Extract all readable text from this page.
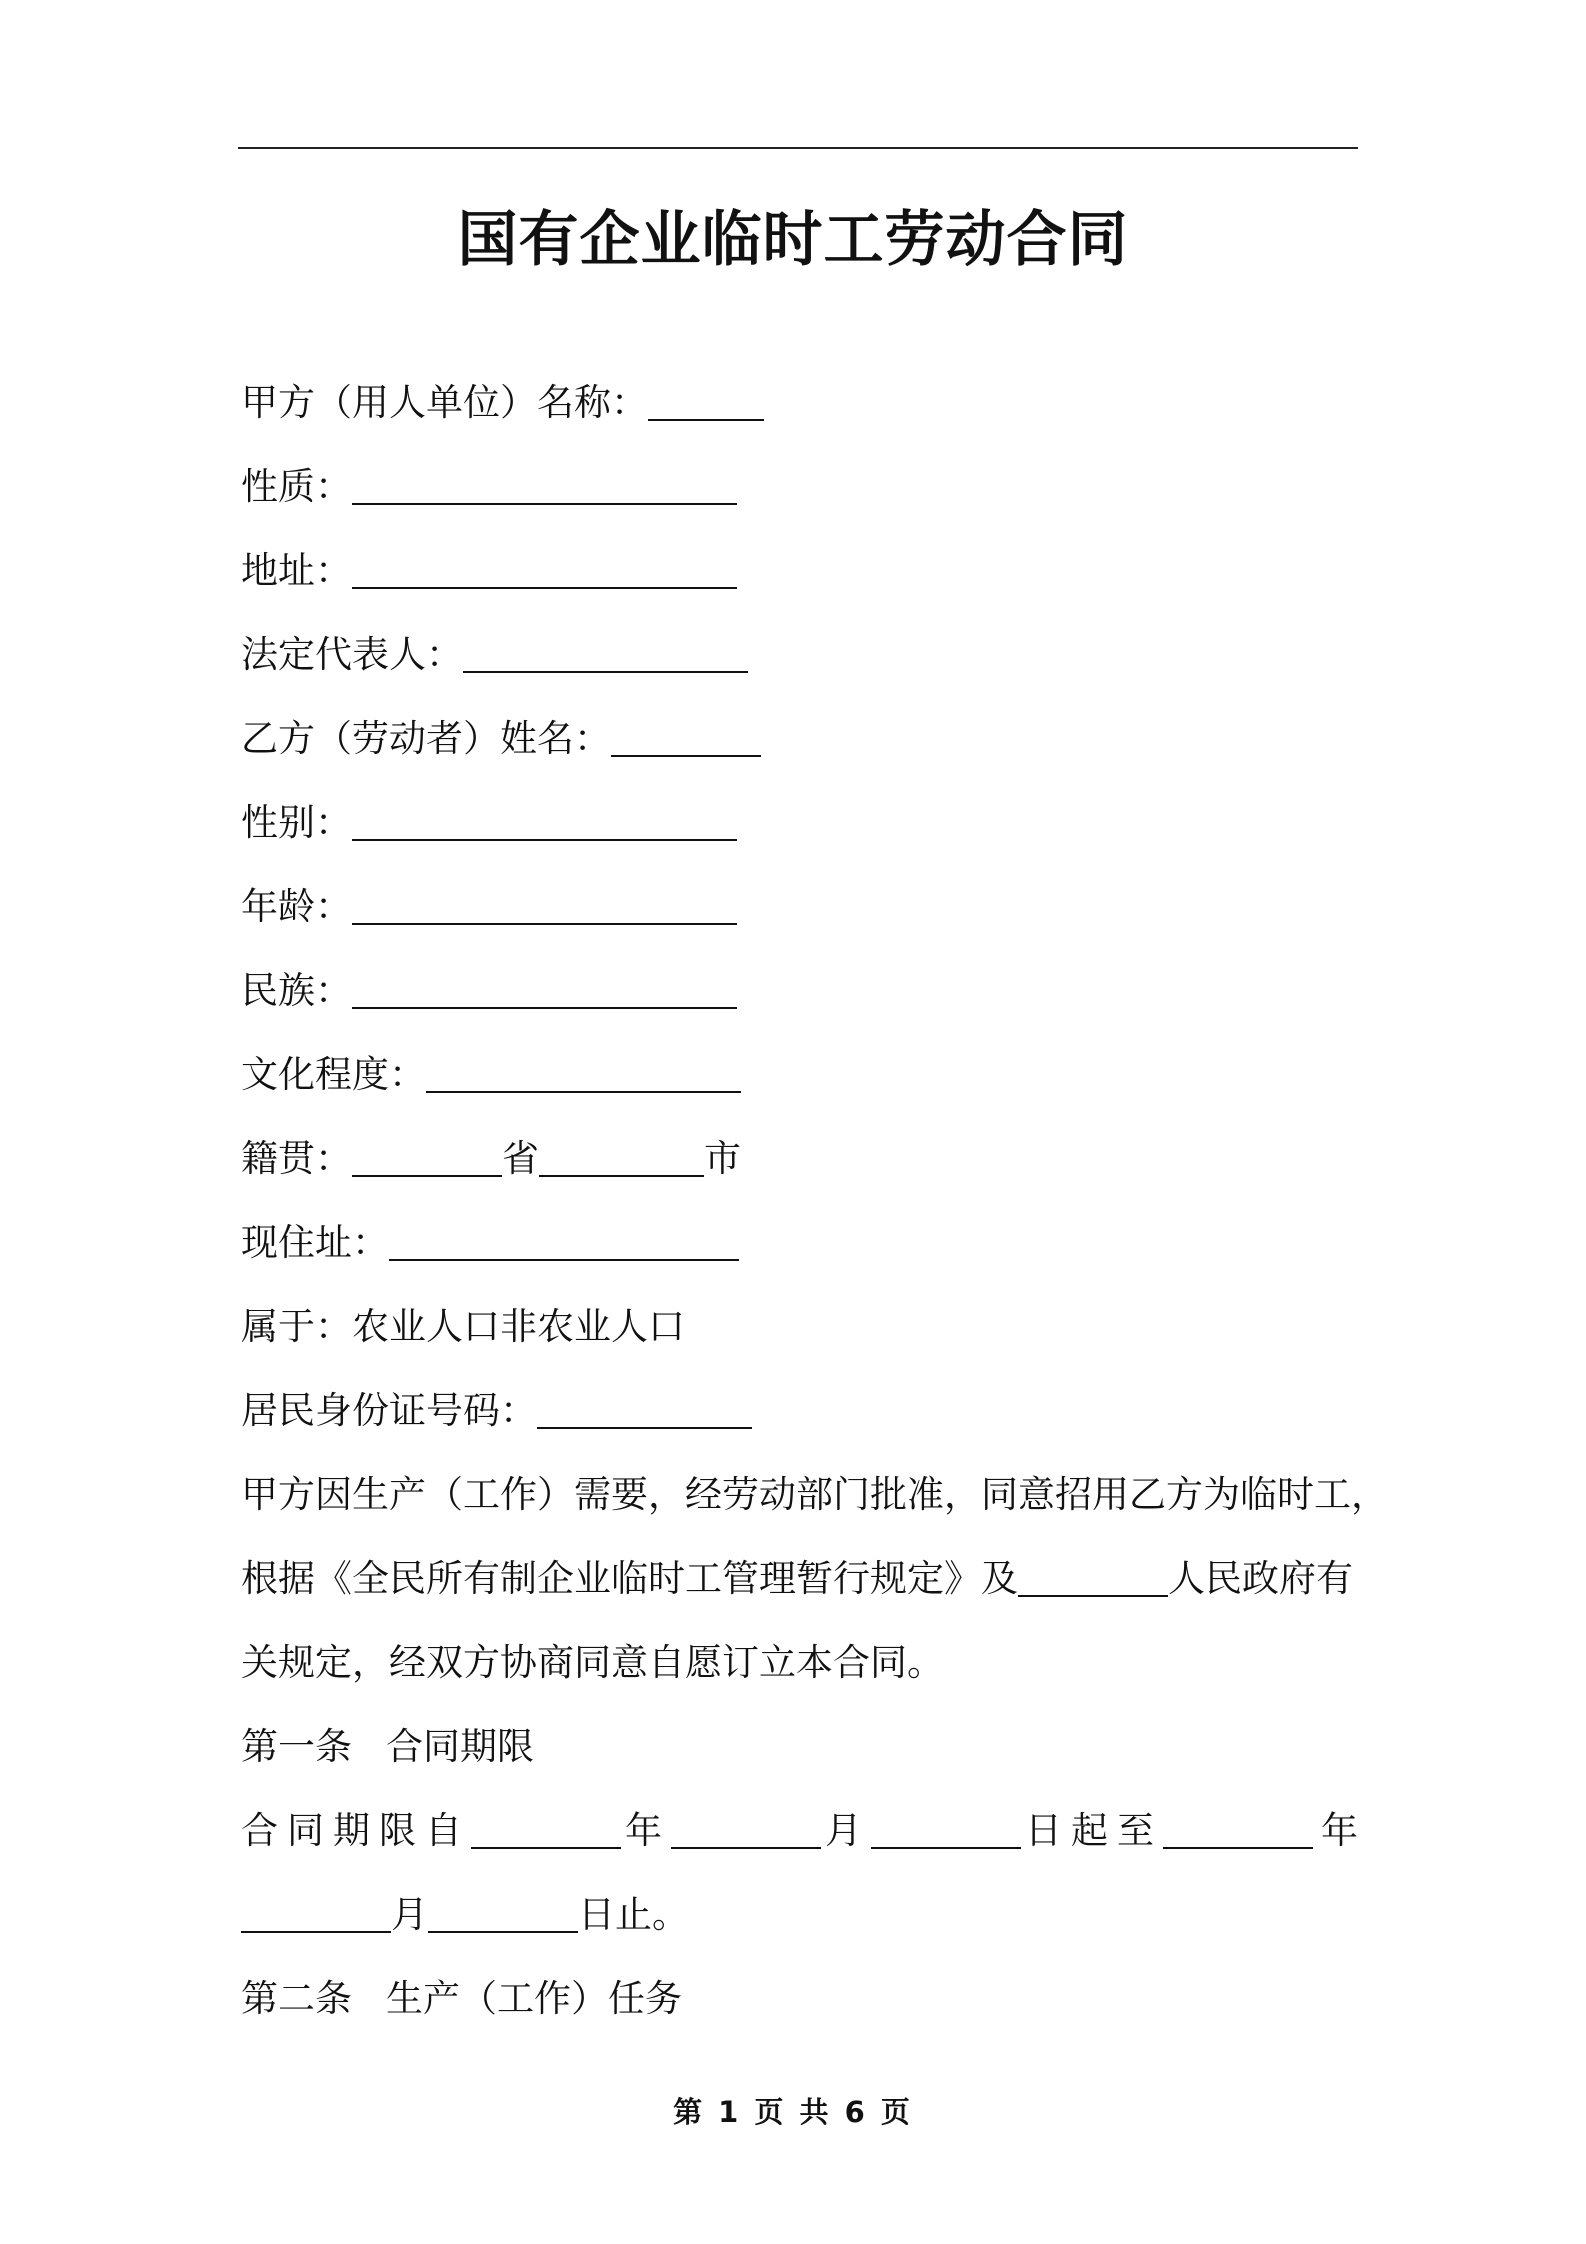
国有企业临时工劳动合同
甲方（用人单位）名称：
性质：
地址：
法定代表人：
乙方（劳动者）姓名：
性别：
年龄：
民族：
文化程度：
籍贯：	省	市
现住址：
属于：农业人口非农业人口
居民身份证号码：
甲方因生产（工作）需要，经劳动部门批准，同意招用乙方为临时工，
根据《全民所有制企业临时工管理暂行规定》及	人民政府有
关规定，经双方协商同意自愿订立本合同。
第一条 合同期限
合同期限自	年	月	日起至	年
月	日止。
第二条 生产（工作）任务
第 1 页 共 6 页
